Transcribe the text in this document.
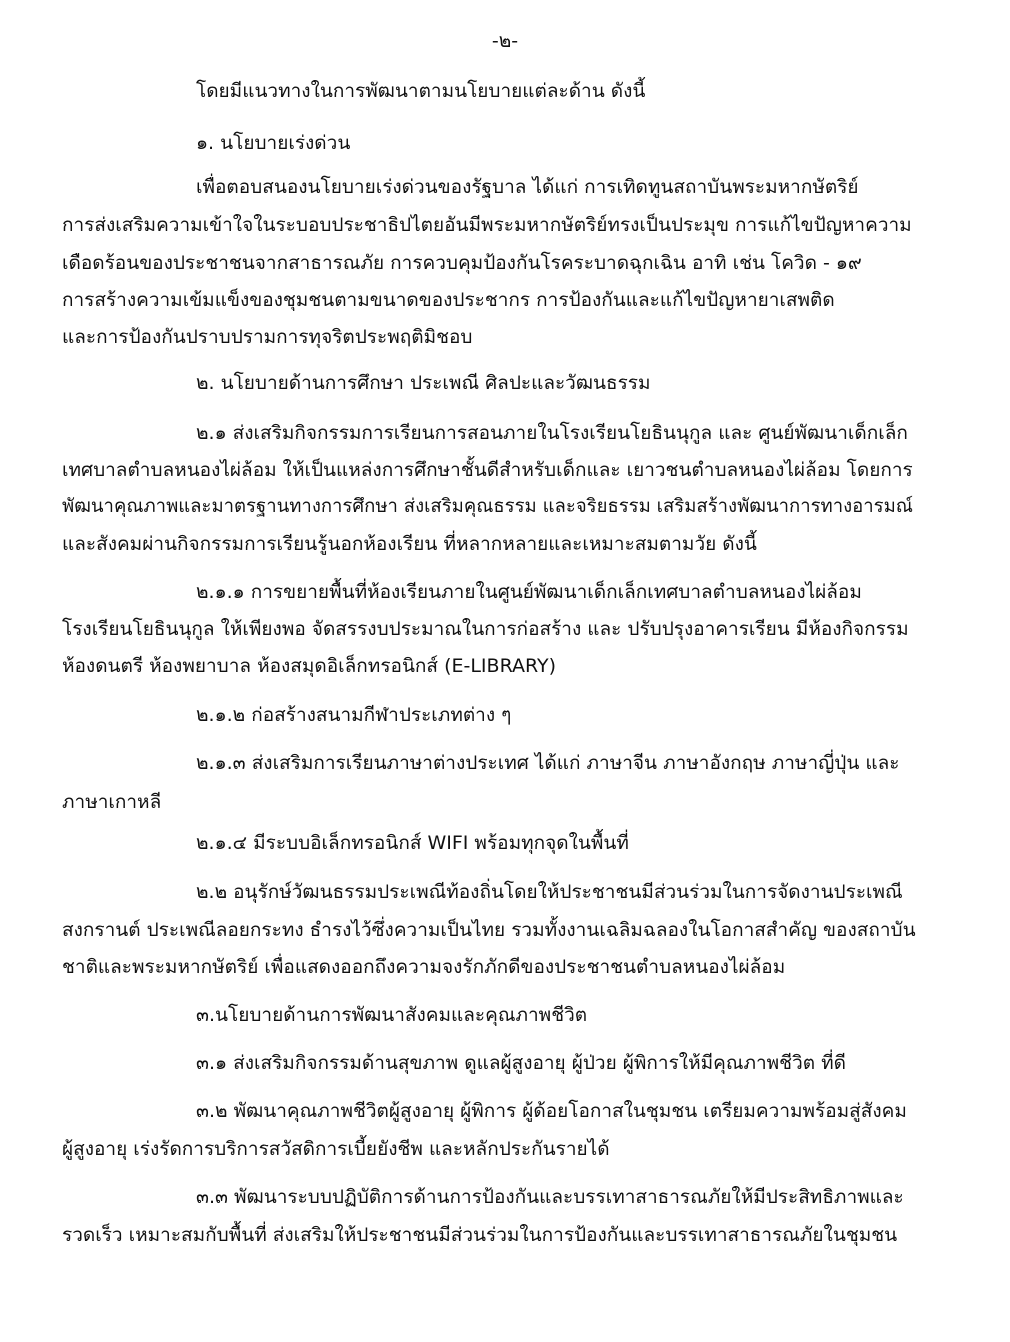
-๒-
โดยมีแนวทางในการพัฒนาตามนโยบายแต่ละด้าน ดังนี้
๑. นโยบายเร่งด่วน
เพื่อตอบสนองนโยบายเร่งด่วนของรัฐบาล ได้แก่ การเทิดทูนสถาบันพระมหากษัตริย์
การส่งเสริมความเข้าใจในระบอบประชาธิปไตยอันมีพระมหากษัตริย์ทรงเป็นประมุข การแก้ไขปัญหาความ
เดือดร้อนของประชาชนจากสาธารณภัย การควบคุมป้องกันโรคระบาดฉุกเฉิน อาทิ เช่น โควิด - ๑๙
การสร้างความเข้มแข็งของชุมชนตามขนาดของประชากร การป้องกันและแก้ไขปัญหายาเสพติด
และการป้องกันปราบปรามการทุจริตประพฤติมิชอบ
๒. นโยบายด้านการศึกษา ประเพณี ศิลปะและวัฒนธรรม
๒.๑ ส่งเสริมกิจกรรมการเรียนการสอนภายในโรงเรียนโยธินนุกูล และ ศูนย์พัฒนาเด็กเล็ก
เทศบาลตำบลหนองไผ่ล้อม ให้เป็นแหล่งการศึกษาชั้นดีสำหรับเด็กและ เยาวชนตำบลหนองไผ่ล้อม โดยการ
พัฒนาคุณภาพและมาตรฐานทางการศึกษา ส่งเสริมคุณธรรม และจริยธรรม เสริมสร้างพัฒนาการทางอารมณ์
และสังคมผ่านกิจกรรมการเรียนรู้นอกห้องเรียน ที่หลากหลายและเหมาะสมตามวัย ดังนี้
๒.๑.๑ การขยายพื้นที่ห้องเรียนภายในศูนย์พัฒนาเด็กเล็กเทศบาลตำบลหนองไผ่ล้อม
โรงเรียนโยธินนุกูล ให้เพียงพอ จัดสรรงบประมาณในการก่อสร้าง และ ปรับปรุงอาคารเรียน มีห้องกิจกรรม
ห้องดนตรี ห้องพยาบาล ห้องสมุดอิเล็กทรอนิกส์ (E-LIBRARY)
๒.๑.๒ ก่อสร้างสนามกีฬาประเภทต่าง ๆ
๒.๑.๓ ส่งเสริมการเรียนภาษาต่างประเทศ ได้แก่ ภาษาจีน ภาษาอังกฤษ ภาษาญี่ปุ่น และ
ภาษาเกาหลี
๒.๑.๔ มีระบบอิเล็กทรอนิกส์ WIFI พร้อมทุกจุดในพื้นที่
๒.๒ อนุรักษ์วัฒนธรรมประเพณีท้องถิ่นโดยให้ประชาชนมีส่วนร่วมในการจัดงานประเพณี
สงกรานต์ ประเพณีลอยกระทง ธำรงไว้ซึ่งความเป็นไทย รวมทั้งงานเฉลิมฉลองในโอกาสสำคัญ ของสถาบัน
ชาติและพระมหากษัตริย์ เพื่อแสดงออกถึงความจงรักภักดีของประชาชนตำบลหนองไผ่ล้อม
๓.นโยบายด้านการพัฒนาสังคมและคุณภาพชีวิต
๓.๑ ส่งเสริมกิจกรรมด้านสุขภาพ ดูแลผู้สูงอายุ ผู้ป่วย ผู้พิการให้มีคุณภาพชีวิต ที่ดี
๓.๒ พัฒนาคุณภาพชีวิตผู้สูงอายุ ผู้พิการ ผู้ด้อยโอกาสในชุมชน เตรียมความพร้อมสู่สังคม
ผู้สูงอายุ เร่งรัดการบริการสวัสดิการเบี้ยยังชีพ และหลักประกันรายได้
๓.๓ พัฒนาระบบปฏิบัติการด้านการป้องกันและบรรเทาสาธารณภัยให้มีประสิทธิภาพและ
รวดเร็ว เหมาะสมกับพื้นที่ ส่งเสริมให้ประชาชนมีส่วนร่วมในการป้องกันและบรรเทาสาธารณภัยในชุมชน
